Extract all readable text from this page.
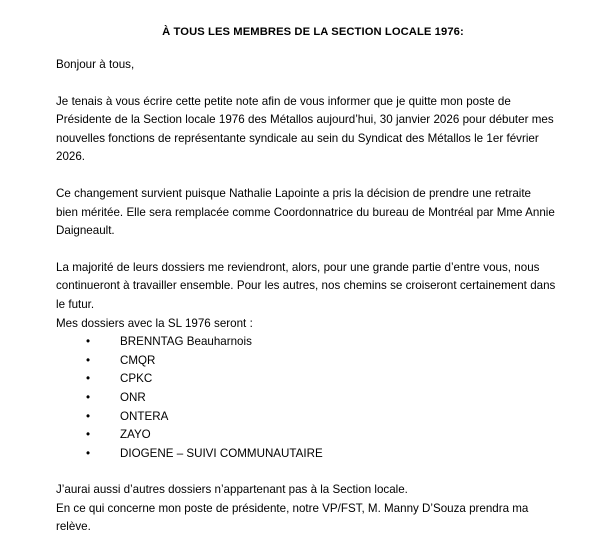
À TOUS LES MEMBRES DE LA SECTION LOCALE 1976:

Bonjour à tous,

Je tenais à vous écrire cette petite note afin de vous informer que je quitte mon poste de Présidente de la Section locale 1976 des Métallos aujourd’hui, 30 janvier 2026 pour débuter mes nouvelles fonctions de représentante syndicale au sein du Syndicat des Métallos le 1er février 2026.

Ce changement survient puisque Nathalie Lapointe a pris la décision de prendre une retraite bien méritée. Elle sera remplacée comme Coordonnatrice du bureau de Montréal par Mme Annie Daigneault.

La majorité de leurs dossiers me reviendront, alors, pour une grande partie d’entre vous, nous continueront à travailler ensemble. Pour les autres, nos chemins se croiseront certainement dans le futur.

Mes dossiers avec la SL 1976 seront :

•	BRENNTAG Beauharnois
•	CMQR
•	CPKC
•	ONR
•	ONTERA
•	ZAYO
•	DIOGENE – SUIVI COMMUNAUTAIRE

J’aurai aussi d’autres dossiers n’appartenant pas à la Section locale.

En ce qui concerne mon poste de présidente, notre VP/FST, M. Manny D’Souza prendra ma relève.
